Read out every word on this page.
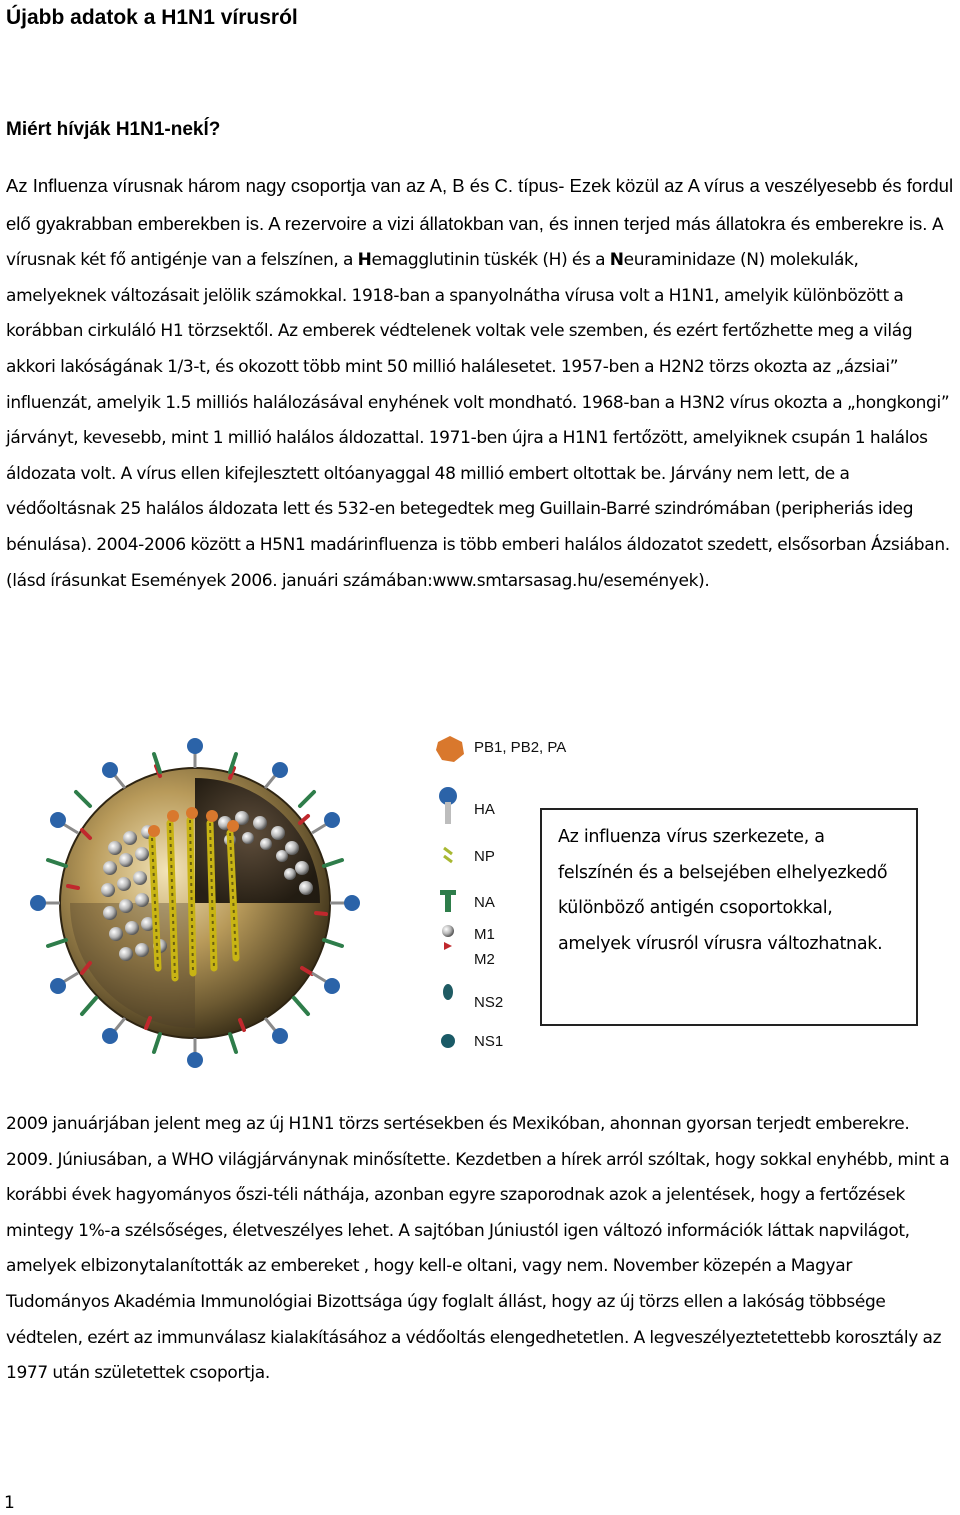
Újabb adatok a H1N1 vírusról
Miért hívják H1N1-nekĺ?

Az Influenza vírusnak három nagy csoportja van az A, B és C. típus- Ezek közül az A vírus a veszélyesebb és fordul elő gyakrabban emberekben is. A rezervoire a vizi állatokban van, és innen terjed más állatokra és emberekre is. A vírusnak két fő antigénje van a felszínen, a Hemagglutinin tüskék (H) és a Neuraminidaze (N) molekulák, amelyeknek változásait jelölik számokkal. 1918-ban a spanyolnátha vírusa volt a H1N1, amelyik különbözött a korábban cirkuláló H1 törzsektől. Az emberek védtelenek voltak vele szemben, és ezért fertőzhette meg a világ akkori lakóságának 1/3-t, és okozott több mint 50 millió halálesetet. 1957-ben a H2N2 törzs okozta az „ázsiai” influenzát, amelyik 1.5 milliós halálozásával enyhének volt mondható. 1968-ban a H3N2 vírus okozta a „hongkongi” járványt, kevesebb, mint 1 millió halálos áldozattal. 1971-ben újra a H1N1 fertőzött, amelyiknek csupán 1 halálos áldozata volt. A vírus ellen kifejlesztett oltóanyaggal 48 millió embert oltottak be. Járvány nem lett, de a védőoltásnak 25 halálos áldozata lett és 532-en betegedtek meg Guillain-Barré szindrómában (peripheriás ideg bénulása). 2004-2006 között a H5N1 madárinfluenza is több emberi halálos áldozatot szedett, elsősorban Ázsiában. (lásd írásunkat Események 2006. januári számában:www.smtarsasag.hu/események).

PB1, PB2, PA
HA
NP
NA
M1
M2
NS2
NS1
Az influenza vírus szerkezete, a felszínén és a belsejében elhelyezkedő különböző antigén csoportokkal, amelyek vírusról vírusra változhatnak.

2009 januárjában jelent meg az új H1N1 törzs sertésekben és Mexikóban, ahonnan gyorsan terjedt emberekre. 2009. Júniusában, a WHO világjárványnak minősítette. Kezdetben a hírek arról szóltak, hogy sokkal enyhébb, mint a korábbi évek hagyományos őszi-téli náthája, azonban egyre szaporodnak azok a jelentések, hogy a fertőzések mintegy 1%-a szélsőséges, életveszélyes lehet. A sajtóban Júniustól igen változó információk láttak napvilágot, amelyek elbizonytalanították az embereket , hogy kell-e oltani, vagy nem. November közepén a Magyar Tudományos Akadémia Immunológiai Bizottsága úgy foglalt állást, hogy az új törzs ellen a lakóság többsége védtelen, ezért az immunválasz kialakításához a védőoltás elengedhetetlen. A legveszélyeztetettebb korosztály az 1977 után születettek csoportja.

1
